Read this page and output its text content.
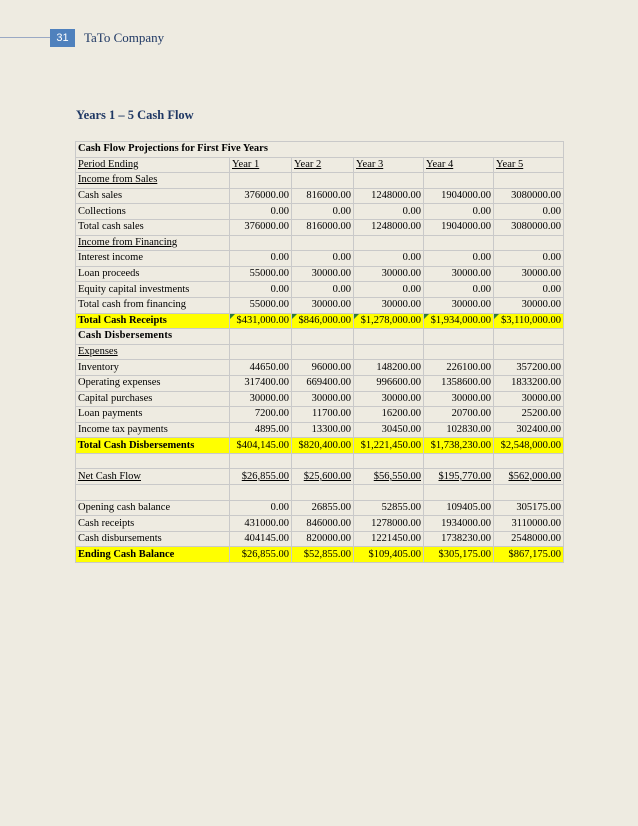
31	TaTo Company
Years 1 – 5 Cash Flow
Cash Flow Projections for First Five Years					
Period Ending	Year 1	Year 2	Year 3	Year 4	Year 5
Income from Sales					
Cash sales	376000.00	816000.00	1248000.00	1904000.00	3080000.00
Collections	0.00	0.00	0.00	0.00	0.00
Total cash sales	376000.00	816000.00	1248000.00	1904000.00	3080000.00
Income from Financing					
Interest income	0.00	0.00	0.00	0.00	0.00
Loan proceeds	55000.00	30000.00	30000.00	30000.00	30000.00
Equity capital investments	0.00	0.00	0.00	0.00	0.00
Total cash from financing	55000.00	30000.00	30000.00	30000.00	30000.00
Total Cash Receipts	$431,000.00	$846,000.00	$1,278,000.00	$1,934,000.00	$3,110,000.00
Cash Disbersements					
Expenses					
Inventory	44650.00	96000.00	148200.00	226100.00	357200.00
Operating expenses	317400.00	669400.00	996600.00	1358600.00	1833200.00
Capital purchases	30000.00	30000.00	30000.00	30000.00	30000.00
Loan payments	7200.00	11700.00	16200.00	20700.00	25200.00
Income tax payments	4895.00	13300.00	30450.00	102830.00	302400.00
Total Cash Disbersements	$404,145.00	$820,400.00	$1,221,450.00	$1,738,230.00	$2,548,000.00

Net Cash Flow	$26,855.00	$25,600.00	$56,550.00	$195,770.00	$562,000.00

Opening cash balance	0.00	26855.00	52855.00	109405.00	305175.00
Cash receipts	431000.00	846000.00	1278000.00	1934000.00	3110000.00
Cash disbursements	404145.00	820000.00	1221450.00	1738230.00	2548000.00
Ending Cash Balance	$26,855.00	$52,855.00	$109,405.00	$305,175.00	$867,175.00
